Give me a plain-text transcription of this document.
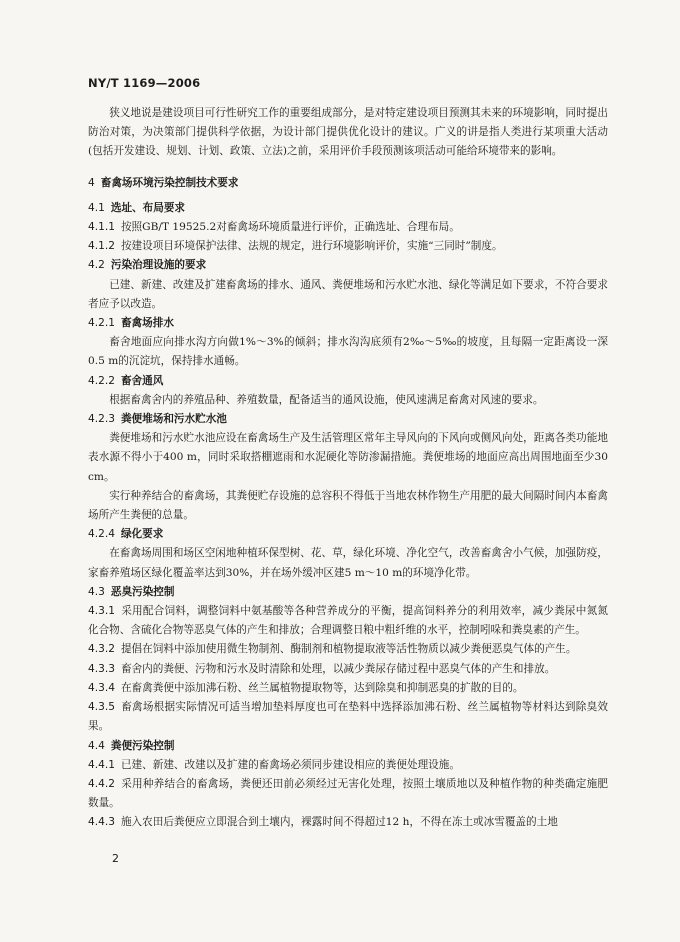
NY/T 1169—2006

狭义地说是建设项目可行性研究工作的重要组成部分，是对特定建设项目预测其未来的环境影响，同时提出防治对策，为决策部门提供科学依据，为设计部门提供优化设计的建议。广义的讲是指人类进行某项重大活动(包括开发建设、规划、计划、政策、立法)之前，采用评价手段预测该项活动可能给环境带来的影响。

4 畜禽场环境污染控制技术要求
4.1 选址、布局要求

4.1.1 按照GB/T 19525.2对畜禽场环境质量进行评价，正确选址、合理布局。

4.1.2 按建设项目环境保护法律、法规的规定，进行环境影响评价，实施“三同时”制度。

4.2 污染治理设施的要求

已建、新建、改建及扩建畜禽场的排水、通风、粪便堆场和污水贮水池、绿化等满足如下要求，不符合要求者应予以改造。

4.2.1 畜禽场排水

畜舍地面应向排水沟方向做1%～3%的倾斜；排水沟沟底须有2‰～5‰的坡度，且每隔一定距离设一深0.5 m的沉淀坑，保持排水通畅。

4.2.2 畜舍通风

根据畜禽舍内的养殖品种、养殖数量，配备适当的通风设施，使风速满足畜禽对风速的要求。

4.2.3 粪便堆场和污水贮水池

粪便堆场和污水贮水池应设在畜禽场生产及生活管理区常年主导风向的下风向或侧风向处，距离各类功能地表水源不得小于400 m，同时采取搭棚遮雨和水泥硬化等防渗漏措施。粪便堆场的地面应高出周围地面至少30 cm。

实行种养结合的畜禽场，其粪便贮存设施的总容积不得低于当地农林作物生产用肥的最大间隔时间内本畜禽场所产生粪便的总量。

4.2.4 绿化要求

在畜禽场周围和场区空闲地种植环保型树、花、草，绿化环境、净化空气，改善畜禽舍小气候，加强防疫，家畜养殖场区绿化覆盖率达到30%，并在场外缓冲区建5 m～10 m的环境净化带。

4.3 恶臭污染控制

4.3.1 采用配合饲料，调整饲料中氨基酸等各种营养成分的平衡，提高饲料养分的利用效率，减少粪尿中氮氮化合物、含硫化合物等恶臭气体的产生和排放；合理调整日粮中粗纤维的水平，控制吲哚和粪臭素的产生。

4.3.2 提倡在饲料中添加使用微生物制剂、酶制剂和植物提取液等活性物质以减少粪便恶臭气体的产生。

4.3.3 畜舍内的粪便、污物和污水及时清除和处理，以减少粪尿存储过程中恶臭气体的产生和排放。

4.3.4 在畜禽粪便中添加沸石粉、丝兰属植物提取物等，达到除臭和抑制恶臭的扩散的目的。

4.3.5 畜禽场根据实际情况可适当增加垫料厚度也可在垫料中选择添加沸石粉、丝兰属植物等材料达到除臭效果。

4.4 粪便污染控制

4.4.1 已建、新建、改建以及扩建的畜禽场必须同步建设相应的粪便处理设施。

4.4.2 采用种养结合的畜禽场，粪便还田前必须经过无害化处理，按照土壤质地以及种植作物的种类确定施肥数量。

4.4.3 施入农田后粪便应立即混合到土壤内，裸露时间不得超过12 h，不得在冻土或冰雪覆盖的土地

2
